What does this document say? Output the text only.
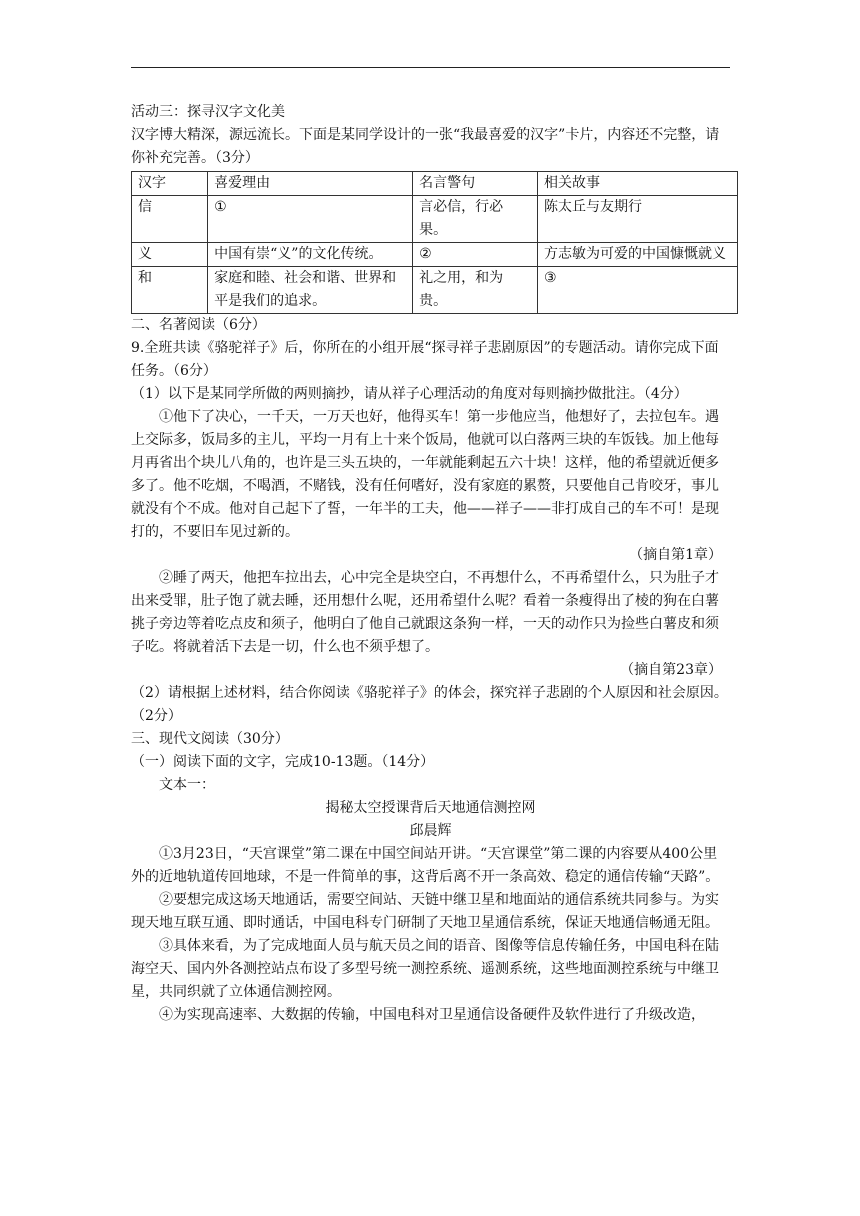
活动三：探寻汉字文化美

汉字博大精深，源远流长。下面是某同学设计的一张“我最喜爱的汉字”卡片，内容还不完整，请你补充完善。（3分）

汉字	喜爱理由	名言警句	相关故事
信	①	言必信，行必果。	陈太丘与友期行
义	中国有崇“义”的文化传统。	②	方志敏为可爱的中国慷慨就义
和	家庭和睦、社会和谐、世界和平是我们的追求。	礼之用，和为贵。	③

二、名著阅读（6分）

9.全班共读《骆驼祥子》后，你所在的小组开展“探寻祥子悲剧原因”的专题活动。请你完成下面任务。（6分）

（1）以下是某同学所做的两则摘抄，请从祥子心理活动的角度对每则摘抄做批注。（4分）

①他下了决心，一千天，一万天也好，他得买车！第一步他应当，他想好了，去拉包车。遇上交际多，饭局多的主儿，平均一月有上十来个饭局，他就可以白落两三块的车饭钱。加上他每月再省出个块儿八角的，也许是三头五块的，一年就能剩起五六十块！这样，他的希望就近便多多了。他不吃烟，不喝酒，不赌钱，没有任何嗜好，没有家庭的累赘，只要他自己肯咬牙，事儿就没有个不成。他对自己起下了誓，一年半的工夫，他——祥子——非打成自己的车不可！是现打的，不要旧车见过新的。

（摘自第1章）

②睡了两天，他把车拉出去，心中完全是块空白，不再想什么，不再希望什么，只为肚子才出来受罪，肚子饱了就去睡，还用想什么呢，还用希望什么呢？看着一条瘦得出了棱的狗在白薯挑子旁边等着吃点皮和须子，他明白了他自己就跟这条狗一样，一天的动作只为捡些白薯皮和须子吃。将就着活下去是一切，什么也不须乎想了。

（摘自第23章）

（2）请根据上述材料，结合你阅读《骆驼祥子》的体会，探究祥子悲剧的个人原因和社会原因。（2分）

三、现代文阅读（30分）

（一）阅读下面的文字，完成10-13题。（14分）

文本一：

揭秘太空授课背后天地通信测控网

邱晨辉

①3月23日，“天宫课堂”第二课在中国空间站开讲。“天宫课堂”第二课的内容要从400公里外的近地轨道传回地球，不是一件简单的事，这背后离不开一条高效、稳定的通信传输“天路”。

②要想完成这场天地通话，需要空间站、天链中继卫星和地面站的通信系统共同参与。为实现天地互联互通、即时通话，中国电科专门研制了天地卫星通信系统，保证天地通信畅通无阻。

③具体来看，为了完成地面人员与航天员之间的语音、图像等信息传输任务，中国电科在陆海空天、国内外各测控站点布设了多型号统一测控系统、遥测系统，这些地面测控系统与中继卫星，共同织就了立体通信测控网。

④为实现高速率、大数据的传输，中国电科对卫星通信设备硬件及软件进行了升级改造，
